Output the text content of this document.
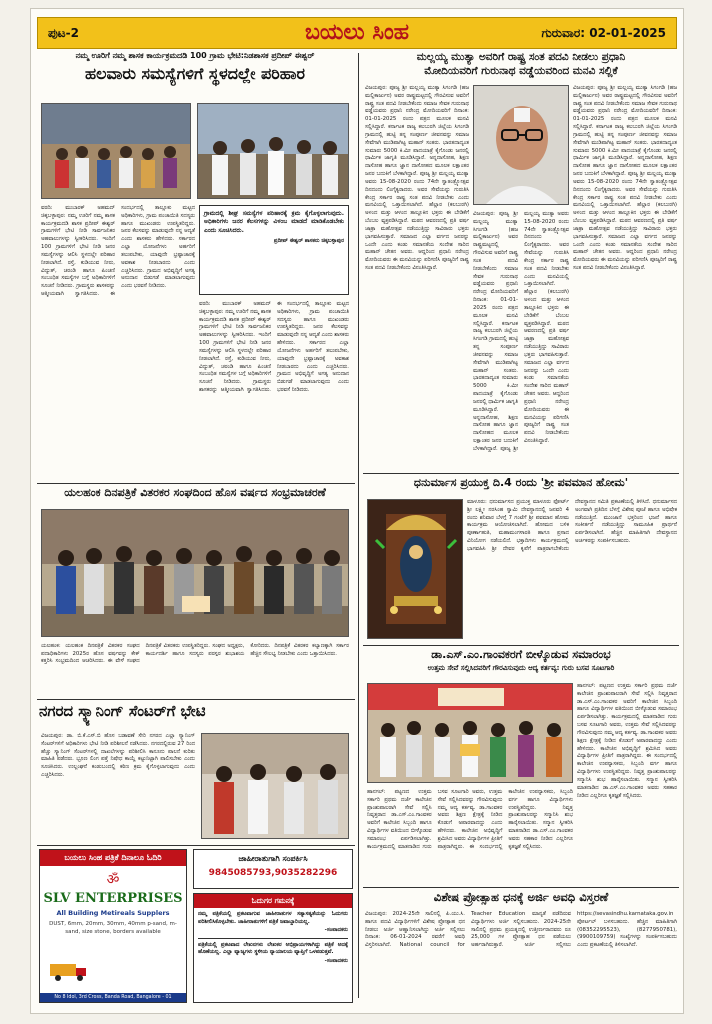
ಪುಟ-2	ಬಯಲು ಸಿಂಹ	ಗುರುವಾರ: 02-01-2025
ನಮ್ಮ ಊರಿಗೆ ನಮ್ಮ ಶಾಸಕ ಕಾರ್ಯಕ್ರಮದಡಿ 100 ಗ್ರಾಮ ಭೇಟಿ:ನಿಡಶಾಸಕ ಪ್ರದೀಪ್ ಈಶ್ವರ್
ಹಲವಾರು ಸಮಸ್ಯೆಗಳಿಗೆ ಸ್ಥಳದಲ್ಲೇ ಪರಿಹಾರ
ವರದಿ: ಮುಬಾರಕ್ ಅಹಮದ್ ಚಿಕ್ಕಬಳ್ಳಾಪುರ: ನಮ್ಮ ಊರಿಗೆ ನಮ್ಮ ಶಾಸಕ ಕಾರ್ಯಕ್ರಮದಡಿ ಶಾಸಕ ಪ್ರದೀಪ್ ಈಶ್ವರ್ ಗ್ರಾಮಗಳಿಗೆ ಭೇಟಿ ನೀಡಿ ಸಾರ್ವಜನಿಕರ ಅಹವಾಲುಗಳನ್ನು ಸ್ವೀಕರಿಸಿದರು. ಇಂದಿಗೆ 100 ಗ್ರಾಮಗಳಿಗೆ ಭೇಟಿ ನೀಡಿ ಜನರ ಸಮಸ್ಯೆಗಳನ್ನು ಆಲಿಸಿ ಸ್ಥಳದಲ್ಲೇ ಪರಿಹಾರ ನೀಡಲಾಗಿದೆ. ರಸ್ತೆ, ಕುಡಿಯುವ ನೀರು, ವಿದ್ಯುತ್, ಚರಂಡಿ ಹಾಗೂ ಪಿಂಚಣಿ ಸಂಬಂಧಿತ ಸಮಸ್ಯೆಗಳ ಬಗ್ಗೆ ಅಧಿಕಾರಿಗಳಿಗೆ ಸೂಚನೆ ನೀಡಿದರು. ಗ್ರಾಮಸ್ಥರು ಶಾಸಕರನ್ನು ಆತ್ಮೀಯವಾಗಿ ಸ್ವಾಗತಿಸಿದರು. ಈ ಸಂದರ್ಭದಲ್ಲಿ ತಾಲ್ಲೂಕು ಮಟ್ಟದ ಅಧಿಕಾರಿಗಳು, ಗ್ರಾಮ ಪಂಚಾಯಿತಿ ಸದಸ್ಯರು ಹಾಗೂ ಮುಖಂಡರು ಉಪಸ್ಥಿತರಿದ್ದರು. ಜನರ ಕೆಲಸವನ್ನು ಮಾಡುವುದೇ ನನ್ನ ಆದ್ಯತೆ ಎಂದು ಶಾಸಕರು ಹೇಳಿದರು. ಸರ್ಕಾರದ ಎಲ್ಲಾ ಯೋಜನೆಗಳು ಅರ್ಹರಿಗೆ ತಲುಪಬೇಕು, ಯಾವುದೇ ಭ್ರಷ್ಟಾಚಾರಕ್ಕೆ ಅವಕಾಶ ನೀಡಬಾರದು ಎಂದು ಎಚ್ಚರಿಸಿದರು. ಗ್ರಾಮದ ಅಭಿವೃದ್ಧಿಗೆ ಅಗತ್ಯ ಅನುದಾನ ಬಿಡುಗಡೆ ಮಾಡಲಾಗುವುದು ಎಂದು ಭರವಸೆ ನೀಡಿದರು.
ಗ್ರಾಮದಲ್ಲಿ ಶೀಘ್ರ ಸಮಸ್ಯೆಗಳ ಪರಿಹಾರಕ್ಕೆ ಕ್ರಮ ಕೈಗೊಳ್ಳಲಾಗುವುದು. ಅಧಿಕಾರಿಗಳು ಜನರ ಕೆಲಸಗಳನ್ನು ವಿಳಂಬ ಮಾಡದೆ ಮಾಡಿಕೊಡಬೇಕು ಎಂದು ಸೂಚಿಸಿದರು.
ಪ್ರದೀಪ್ ಈಶ್ವರ್ ಶಾಸಕರು ಚಿಕ್ಕಬಳ್ಳಾಪುರ
ವರದಿ: ಮುಬಾರಕ್ ಅಹಮದ್ ಚಿಕ್ಕಬಳ್ಳಾಪುರ: ನಮ್ಮ ಊರಿಗೆ ನಮ್ಮ ಶಾಸಕ ಕಾರ್ಯಕ್ರಮದಡಿ ಶಾಸಕ ಪ್ರದೀಪ್ ಈಶ್ವರ್ ಗ್ರಾಮಗಳಿಗೆ ಭೇಟಿ ನೀಡಿ ಸಾರ್ವಜನಿಕರ ಅಹವಾಲುಗಳನ್ನು ಸ್ವೀಕರಿಸಿದರು. ಇಂದಿಗೆ 100 ಗ್ರಾಮಗಳಿಗೆ ಭೇಟಿ ನೀಡಿ ಜನರ ಸಮಸ್ಯೆಗಳನ್ನು ಆಲಿಸಿ ಸ್ಥಳದಲ್ಲೇ ಪರಿಹಾರ ನೀಡಲಾಗಿದೆ. ರಸ್ತೆ, ಕುಡಿಯುವ ನೀರು, ವಿದ್ಯುತ್, ಚರಂಡಿ ಹಾಗೂ ಪಿಂಚಣಿ ಸಂಬಂಧಿತ ಸಮಸ್ಯೆಗಳ ಬಗ್ಗೆ ಅಧಿಕಾರಿಗಳಿಗೆ ಸೂಚನೆ ನೀಡಿದರು. ಗ್ರಾಮಸ್ಥರು ಶಾಸಕರನ್ನು ಆತ್ಮೀಯವಾಗಿ ಸ್ವಾಗತಿಸಿದರು. ಈ ಸಂದರ್ಭದಲ್ಲಿ ತಾಲ್ಲೂಕು ಮಟ್ಟದ ಅಧಿಕಾರಿಗಳು, ಗ್ರಾಮ ಪಂಚಾಯಿತಿ ಸದಸ್ಯರು ಹಾಗೂ ಮುಖಂಡರು ಉಪಸ್ಥಿತರಿದ್ದರು. ಜನರ ಕೆಲಸವನ್ನು ಮಾಡುವುದೇ ನನ್ನ ಆದ್ಯತೆ ಎಂದು ಶಾಸಕರು ಹೇಳಿದರು. ಸರ್ಕಾರದ ಎಲ್ಲಾ ಯೋಜನೆಗಳು ಅರ್ಹರಿಗೆ ತಲುಪಬೇಕು, ಯಾವುದೇ ಭ್ರಷ್ಟಾಚಾರಕ್ಕೆ ಅವಕಾಶ ನೀಡಬಾರದು ಎಂದು ಎಚ್ಚರಿಸಿದರು. ಗ್ರಾಮದ ಅಭಿವೃದ್ಧಿಗೆ ಅಗತ್ಯ ಅನುದಾನ ಬಿಡುಗಡೆ ಮಾಡಲಾಗುವುದು ಎಂದು ಭರವಸೆ ನೀಡಿದರು.
ಮಲ್ಲಯ್ಯ ಮುತ್ಯಾ ಅವರಿಗೆ ರಾಷ್ಟ್ರ ಸಂತ ಪದವಿ ನೀಡಲು ಪ್ರಧಾನಿ
ಮೋದಿಯವರಿಗೆ ಗುರುನಾಥ ವಡ್ಡೆಯವರಿಂದ ಮನವಿ ಸಲ್ಲಿಕೆ
ವಿಜಯಪುರ: ಪೂಜ್ಯ ಶ್ರೀ ಮಲ್ಲಯ್ಯ ಮುತ್ಯಾ ಸಿಗಂಗಡಿ (ಹಜ ಮಲ್ಲಿಕಾರ್ಜುನ) ಅವರ ರಾಷ್ಟ್ರಮಟ್ಟದಲ್ಲಿ ಗೌರವಿಸುವ ಅವರಿಗೆ ರಾಷ್ಟ್ರ ಸಂತ ಪದವಿ ನೀಡಬೇಕೆಂದು ಸಮಾಜ ಸೇವಕ ಗುರುನಾಥ ವಡ್ಡೆಯವರು ಪ್ರಧಾನಿ ನರೇಂದ್ರ ಮೋದಿಯವರಿಗೆ ದಿನಾಂಕ: 01-01-2025 ರಂದು ಪತ್ರದ ಮೂಲಕ ಮನವಿ ಸಲ್ಲಿಸಿದ್ದಾರೆ. ಕರ್ನಾಟಕ ರಾಜ್ಯ ಕಲಬುರಗಿ ಜಿಲ್ಲೆಯ ಸಿಗಂಗಡಿ ಗ್ರಾಮದಲ್ಲಿ ಹುಟ್ಟಿ ತನ್ನ ಸಂಪೂರ್ಣ ಜೀವನವನ್ನು ಸಮಾಜ ಸೇವೆಗಾಗಿ ಮುಡಿಪಾಗಿಟ್ಟ ಮಹಾನ್ ಸಂತರು. ಭಾರತದಾದ್ಯಂತ ಸುಮಾರು 5000 ಕಿ.ಮೀ ಪಾದಯಾತ್ರೆ ಕೈಗೊಂಡು ಜನರಲ್ಲಿ ಧಾರ್ಮಿಕ ಜಾಗೃತಿ ಮೂಡಿಸಿದ್ದಾರೆ. ಅನ್ನದಾಸೋಹ, ಶಿಕ್ಷಣ ದಾಸೋಹ ಹಾಗೂ ಜ್ಞಾನ ದಾಸೋಹದ ಮೂಲಕ ಲಕ್ಷಾಂತರ ಜನರ ಬದುಕಿಗೆ ಬೆಳಕಾಗಿದ್ದಾರೆ. ಪೂಜ್ಯ ಶ್ರೀ ಮಲ್ಲಯ್ಯ ಮುತ್ಯಾ ಅವರು 15-08-2020 ರಂದು 74ನೇ ಸ್ವಾತಂತ್ರ್ಯೋತ್ಸವ ದಿನದಂದು ಲಿಂಗೈಕ್ಯರಾದರು. ಅವರ ಸೇವೆಯನ್ನು ಗುರುತಿಸಿ ಕೇಂದ್ರ ಸರ್ಕಾರ ರಾಷ್ಟ್ರ ಸಂತ ಪದವಿ ನೀಡಬೇಕು ಎಂದು ಮನವಿಯಲ್ಲಿ ಒತ್ತಾಯಿಸಲಾಗಿದೆ. ಹೆಲ್ಲಾರ (ಕಲಬುರಗಿ) ಅಳಂದ ಮತ್ತು ಆಳಂದ ತಾಲ್ಲೂಕಿನ ಭಕ್ತರು ಈ ಬೇಡಿಕೆಗೆ ಬೆಂಬಲ ವ್ಯಕ್ತಪಡಿಸಿದ್ದಾರೆ. ಮಠದ ಆವರಣದಲ್ಲಿ ಪ್ರತಿ ವರ್ಷ ಜಾತ್ರಾ ಮಹೋತ್ಸವ ನಡೆಯುತ್ತಿದ್ದು ಸಾವಿರಾರು ಭಕ್ತರು ಭಾಗವಹಿಸುತ್ತಾರೆ. ಸಮಾಜದ ಎಲ್ಲಾ ವರ್ಗದ ಜನರನ್ನು ಒಂದೇ ಎಂದು ಕಂಡು ಸಮಾನತೆಯ ಸಂದೇಶ ಸಾರಿದ ಮಹಾನ್ ಚೇತನ ಅವರು. ಆದ್ದರಿಂದ ಪ್ರಧಾನಿ ನರೇಂದ್ರ ಮೋದಿಯವರು ಈ ಮನವಿಯನ್ನು ಪರಿಗಣಿಸಿ ಪೂಜ್ಯರಿಗೆ ರಾಷ್ಟ್ರ ಸಂತ ಪದವಿ ನೀಡಬೇಕೆಂದು ವಿನಂತಿಸಿದ್ದಾರೆ.
ವಿಜಯಪುರ: ಪೂಜ್ಯ ಶ್ರೀ ಮಲ್ಲಯ್ಯ ಮುತ್ಯಾ ಸಿಗಂಗಡಿ (ಹಜ ಮಲ್ಲಿಕಾರ್ಜುನ) ಅವರ ರಾಷ್ಟ್ರಮಟ್ಟದಲ್ಲಿ ಗೌರವಿಸುವ ಅವರಿಗೆ ರಾಷ್ಟ್ರ ಸಂತ ಪದವಿ ನೀಡಬೇಕೆಂದು ಸಮಾಜ ಸೇವಕ ಗುರುನಾಥ ವಡ್ಡೆಯವರು ಪ್ರಧಾನಿ ನರೇಂದ್ರ ಮೋದಿಯವರಿಗೆ ದಿನಾಂಕ: 01-01-2025 ರಂದು ಪತ್ರದ ಮೂಲಕ ಮನವಿ ಸಲ್ಲಿಸಿದ್ದಾರೆ. ಕರ್ನಾಟಕ ರಾಜ್ಯ ಕಲಬುರಗಿ ಜಿಲ್ಲೆಯ ಸಿಗಂಗಡಿ ಗ್ರಾಮದಲ್ಲಿ ಹುಟ್ಟಿ ತನ್ನ ಸಂಪೂರ್ಣ ಜೀವನವನ್ನು ಸಮಾಜ ಸೇವೆಗಾಗಿ ಮುಡಿಪಾಗಿಟ್ಟ ಮಹಾನ್ ಸಂತರು. ಭಾರತದಾದ್ಯಂತ ಸುಮಾರು 5000 ಕಿ.ಮೀ ಪಾದಯಾತ್ರೆ ಕೈಗೊಂಡು ಜನರಲ್ಲಿ ಧಾರ್ಮಿಕ ಜಾಗೃತಿ ಮೂಡಿಸಿದ್ದಾರೆ. ಅನ್ನದಾಸೋಹ, ಶಿಕ್ಷಣ ದಾಸೋಹ ಹಾಗೂ ಜ್ಞಾನ ದಾಸೋಹದ ಮೂಲಕ ಲಕ್ಷಾಂತರ ಜನರ ಬದುಕಿಗೆ ಬೆಳಕಾಗಿದ್ದಾರೆ. ಪೂಜ್ಯ ಶ್ರೀ ಮಲ್ಲಯ್ಯ ಮುತ್ಯಾ ಅವರು 15-08-2020 ರಂದು 74ನೇ ಸ್ವಾತಂತ್ರ್ಯೋತ್ಸವ ದಿನದಂದು ಲಿಂಗೈಕ್ಯರಾದರು. ಅವರ ಸೇವೆಯನ್ನು ಗುರುತಿಸಿ ಕೇಂದ್ರ ಸರ್ಕಾರ ರಾಷ್ಟ್ರ ಸಂತ ಪದವಿ ನೀಡಬೇಕು ಎಂದು ಮನವಿಯಲ್ಲಿ ಒತ್ತಾಯಿಸಲಾಗಿದೆ. ಹೆಲ್ಲಾರ (ಕಲಬುರಗಿ) ಅಳಂದ ಮತ್ತು ಆಳಂದ ತಾಲ್ಲೂಕಿನ ಭಕ್ತರು ಈ ಬೇಡಿಕೆಗೆ ಬೆಂಬಲ ವ್ಯಕ್ತಪಡಿಸಿದ್ದಾರೆ. ಮಠದ ಆವರಣದಲ್ಲಿ ಪ್ರತಿ ವರ್ಷ ಜಾತ್ರಾ ಮಹೋತ್ಸವ ನಡೆಯುತ್ತಿದ್ದು ಸಾವಿರಾರು ಭಕ್ತರು ಭಾಗವಹಿಸುತ್ತಾರೆ. ಸಮಾಜದ ಎಲ್ಲಾ ವರ್ಗದ ಜನರನ್ನು ಒಂದೇ ಎಂದು ಕಂಡು ಸಮಾನತೆಯ ಸಂದೇಶ ಸಾರಿದ ಮಹಾನ್ ಚೇತನ ಅವರು. ಆದ್ದರಿಂದ ಪ್ರಧಾನಿ ನರೇಂದ್ರ ಮೋದಿಯವರು ಈ ಮನವಿಯನ್ನು ಪರಿಗಣಿಸಿ ಪೂಜ್ಯರಿಗೆ ರಾಷ್ಟ್ರ ಸಂತ ಪದವಿ ನೀಡಬೇಕೆಂದು ವಿನಂತಿಸಿದ್ದಾರೆ.
ವಿಜಯಪುರ: ಪೂಜ್ಯ ಶ್ರೀ ಮಲ್ಲಯ್ಯ ಮುತ್ಯಾ ಸಿಗಂಗಡಿ (ಹಜ ಮಲ್ಲಿಕಾರ್ಜುನ) ಅವರ ರಾಷ್ಟ್ರಮಟ್ಟದಲ್ಲಿ ಗೌರವಿಸುವ ಅವರಿಗೆ ರಾಷ್ಟ್ರ ಸಂತ ಪದವಿ ನೀಡಬೇಕೆಂದು ಸಮಾಜ ಸೇವಕ ಗುರುನಾಥ ವಡ್ಡೆಯವರು ಪ್ರಧಾನಿ ನರೇಂದ್ರ ಮೋದಿಯವರಿಗೆ ದಿನಾಂಕ: 01-01-2025 ರಂದು ಪತ್ರದ ಮೂಲಕ ಮನವಿ ಸಲ್ಲಿಸಿದ್ದಾರೆ. ಕರ್ನಾಟಕ ರಾಜ್ಯ ಕಲಬುರಗಿ ಜಿಲ್ಲೆಯ ಸಿಗಂಗಡಿ ಗ್ರಾಮದಲ್ಲಿ ಹುಟ್ಟಿ ತನ್ನ ಸಂಪೂರ್ಣ ಜೀವನವನ್ನು ಸಮಾಜ ಸೇವೆಗಾಗಿ ಮುಡಿಪಾಗಿಟ್ಟ ಮಹಾನ್ ಸಂತರು. ಭಾರತದಾದ್ಯಂತ ಸುಮಾರು 5000 ಕಿ.ಮೀ ಪಾದಯಾತ್ರೆ ಕೈಗೊಂಡು ಜನರಲ್ಲಿ ಧಾರ್ಮಿಕ ಜಾಗೃತಿ ಮೂಡಿಸಿದ್ದಾರೆ. ಅನ್ನದಾಸೋಹ, ಶಿಕ್ಷಣ ದಾಸೋಹ ಹಾಗೂ ಜ್ಞಾನ ದಾಸೋಹದ ಮೂಲಕ ಲಕ್ಷಾಂತರ ಜನರ ಬದುಕಿಗೆ ಬೆಳಕಾಗಿದ್ದಾರೆ. ಪೂಜ್ಯ ಶ್ರೀ ಮಲ್ಲಯ್ಯ ಮುತ್ಯಾ ಅವರು 15-08-2020 ರಂದು 74ನೇ ಸ್ವಾತಂತ್ರ್ಯೋತ್ಸವ ದಿನದಂದು ಲಿಂಗೈಕ್ಯರಾದರು. ಅವರ ಸೇವೆಯನ್ನು ಗುರುತಿಸಿ ಕೇಂದ್ರ ಸರ್ಕಾರ ರಾಷ್ಟ್ರ ಸಂತ ಪದವಿ ನೀಡಬೇಕು ಎಂದು ಮನವಿಯಲ್ಲಿ ಒತ್ತಾಯಿಸಲಾಗಿದೆ. ಹೆಲ್ಲಾರ (ಕಲಬುರಗಿ) ಅಳಂದ ಮತ್ತು ಆಳಂದ ತಾಲ್ಲೂಕಿನ ಭಕ್ತರು ಈ ಬೇಡಿಕೆಗೆ ಬೆಂಬಲ ವ್ಯಕ್ತಪಡಿಸಿದ್ದಾರೆ. ಮಠದ ಆವರಣದಲ್ಲಿ ಪ್ರತಿ ವರ್ಷ ಜಾತ್ರಾ ಮಹೋತ್ಸವ ನಡೆಯುತ್ತಿದ್ದು ಸಾವಿರಾರು ಭಕ್ತರು ಭಾಗವಹಿಸುತ್ತಾರೆ. ಸಮಾಜದ ಎಲ್ಲಾ ವರ್ಗದ ಜನರನ್ನು ಒಂದೇ ಎಂದು ಕಂಡು ಸಮಾನತೆಯ ಸಂದೇಶ ಸಾರಿದ ಮಹಾನ್ ಚೇತನ ಅವರು. ಆದ್ದರಿಂದ ಪ್ರಧಾನಿ ನರೇಂದ್ರ ಮೋದಿಯವರು ಈ ಮನವಿಯನ್ನು ಪರಿಗಣಿಸಿ ಪೂಜ್ಯರಿಗೆ ರಾಷ್ಟ್ರ ಸಂತ ಪದವಿ ನೀಡಬೇಕೆಂದು ವಿನಂತಿಸಿದ್ದಾರೆ.
ಯಲಹಂಕ ದಿನಪತ್ರಿಕೆ ವಿತರಕರ ಸಂಘದಿಂದ ಹೊಸ ವರ್ಷದ ಸಂಭ್ರಮಾಚರಣೆ
ಯಲಹಂಕ: ಯಲಹಂಕ ದಿನಪತ್ರಿಕೆ ವಿತರಕರ ಸಂಘದ ಪದಾಧಿಕಾರಿಗಳು 2025ರ ಹೊಸ ವರ್ಷವನ್ನು ಕೇಕ್ ಕತ್ತರಿಸಿ ಸಂಭ್ರಮದಿಂದ ಆಚರಿಸಿದರು. ಈ ವೇಳೆ ಸಂಘದ ದಿನಪತ್ರಿಕೆ ವಿತರಕರು ಉಪಸ್ಥಿತರಿದ್ದರು. ಸಂಘದ ಅಧ್ಯಕ್ಷರು, ಕಾರ್ಯದರ್ಶಿ ಹಾಗೂ ಸದಸ್ಯರು ಪರಸ್ಪರ ಶುಭಾಶಯ ಕೋರಿದರು. ದಿನಪತ್ರಿಕೆ ವಿತರಕರ ಕಲ್ಯಾಣಕ್ಕಾಗಿ ಸರ್ಕಾರ ಹೆಚ್ಚಿನ ಸೌಲಭ್ಯ ನೀಡಬೇಕು ಎಂದು ಒತ್ತಾಯಿಸಿದರು.
ಧನುರ್ಮಾಸ ಪ್ರಯುಕ್ತ ದಿ.4 ರಂದು 'ಶ್ರೀ ಪವಮಾನ ಹೋಮ'
ಮಾಳೂರು: ಧನುರ್ಮಾಸದ ಪ್ರಯುಕ್ತ ಮಾಳೂರು ಫೋರ್ಟ್ ಶ್ರೀ ಲಕ್ಷ್ಮೀ ನರಸಿಂಹ ಸ್ವಾಮಿ ದೇವಸ್ಥಾನದಲ್ಲಿ ಜನವರಿ 4 ರಂದು ಶನಿವಾರ ಬೆಳಗ್ಗೆ 7 ಗಂಟೆಗೆ ಶ್ರೀ ಪವಮಾನ ಹೋಮ ಕಾರ್ಯಕ್ರಮ ಆಯೋಜಿಸಲಾಗಿದೆ. ಹೋಮದ ಬಳಿಕ ಪೂರ್ಣಾಹುತಿ, ಮಹಾಮಂಗಳಾರತಿ ಹಾಗೂ ಪ್ರಸಾದ ವಿನಿಯೋಗ ನಡೆಯಲಿದೆ. ಭಕ್ತಾದಿಗಳು ಕಾರ್ಯಕ್ರಮದಲ್ಲಿ ಭಾಗವಹಿಸಿ ಶ್ರೀ ದೇವರ ಕೃಪೆಗೆ ಪಾತ್ರರಾಗಬೇಕೆಂದು ದೇವಸ್ಥಾನದ ಸಮಿತಿ ಪ್ರಕಟಣೆಯಲ್ಲಿ ತಿಳಿಸಿದೆ. ಧನುರ್ಮಾಸದ ಅಂಗವಾಗಿ ಪ್ರತಿದಿನ ಬೆಳಗ್ಗೆ ವಿಶೇಷ ಪೂಜೆ ಹಾಗೂ ಅಭಿಷೇಕ ನಡೆಯುತ್ತಿದೆ. ಮುಂಜಾನೆ ಭಕ್ತರಿಂದ ಭಜನೆ ಹಾಗೂ ಸಂಕೀರ್ತನೆ ನಡೆಯುತ್ತಿದ್ದು ಸಾಮೂಹಿಕ ಪ್ರಾರ್ಥನೆ ಏರ್ಪಡಿಸಲಾಗಿದೆ. ಹೆಚ್ಚಿನ ಮಾಹಿತಿಗಾಗಿ ದೇವಸ್ಥಾನದ ಅರ್ಚಕರನ್ನು ಸಂಪರ್ಕಿಸಬಹುದು.
ಡಾ.ಎಸ್.ಎಂ.ಗಾಂವಕರಗೆ ಬೀಳ್ಕೊಡುವ ಸಮಾರಂಭ
ಉತ್ತಮ ಸೇವೆ ಸಲ್ಲಿಸಿದವರಿಗೆ ಗೌರವಿಸುವುದು ಆದ್ಯ ಕರ್ತವ್ಯ: ಗುರು ಬಸವ ಸೂಟಗಾರಿ
ಹಾನಗಲ್: ಪಟ್ಟಣದ ಉತ್ತಮ ಸರ್ಕಾರಿ ಪ್ರಥಮ ದರ್ಜೆ ಕಾಲೇಜಿನ ಪ್ರಾಂಶುಪಾಲರಾಗಿ ಸೇವೆ ಸಲ್ಲಿಸಿ ನಿವೃತ್ತರಾದ ಡಾ.ಎಸ್.ಎಂ.ಗಾಂವಕರ ಅವರಿಗೆ ಕಾಲೇಜಿನ ಸಿಬ್ಬಂದಿ ಹಾಗೂ ವಿದ್ಯಾರ್ಥಿಗಳ ವತಿಯಿಂದ ಬೀಳ್ಕೊಡುವ ಸಮಾರಂಭ ಏರ್ಪಡಿಸಲಾಗಿತ್ತು. ಕಾರ್ಯಕ್ರಮದಲ್ಲಿ ಮಾತನಾಡಿದ ಗುರು ಬಸವ ಸೂಟಗಾರಿ ಅವರು, ಉತ್ತಮ ಸೇವೆ ಸಲ್ಲಿಸಿದವರನ್ನು ಗೌರವಿಸುವುದು ನಮ್ಮ ಆದ್ಯ ಕರ್ತವ್ಯ. ಡಾ.ಗಾಂವಕರ ಅವರು ಶಿಕ್ಷಣ ಕ್ಷೇತ್ರಕ್ಕೆ ನೀಡಿದ ಕೊಡುಗೆ ಅಪಾರವಾದದ್ದು ಎಂದು ಹೇಳಿದರು. ಕಾಲೇಜಿನ ಅಭಿವೃದ್ಧಿಗೆ ಶ್ರಮಿಸಿದ ಅವರು ವಿದ್ಯಾರ್ಥಿಗಳ ಪ್ರೀತಿಗೆ ಪಾತ್ರರಾಗಿದ್ದರು. ಈ ಸಂದರ್ಭದಲ್ಲಿ ಕಾಲೇಜಿನ ಉಪನ್ಯಾಸಕರು, ಸಿಬ್ಬಂದಿ ವರ್ಗ ಹಾಗೂ ವಿದ್ಯಾರ್ಥಿಗಳು ಉಪಸ್ಥಿತರಿದ್ದರು. ನಿವೃತ್ತ ಪ್ರಾಂಶುಪಾಲರನ್ನು ಸನ್ಮಾನಿಸಿ ಶುಭ ಹಾರೈಸಲಾಯಿತು. ಸನ್ಮಾನ ಸ್ವೀಕರಿಸಿ ಮಾತನಾಡಿದ ಡಾ.ಎಸ್.ಎಂ.ಗಾಂವಕರ ಅವರು ಸಹಕಾರ ನೀಡಿದ ಎಲ್ಲರಿಗೂ ಕೃತಜ್ಞತೆ ಸಲ್ಲಿಸಿದರು.
ಹಾನಗಲ್: ಪಟ್ಟಣದ ಉತ್ತಮ ಸರ್ಕಾರಿ ಪ್ರಥಮ ದರ್ಜೆ ಕಾಲೇಜಿನ ಪ್ರಾಂಶುಪಾಲರಾಗಿ ಸೇವೆ ಸಲ್ಲಿಸಿ ನಿವೃತ್ತರಾದ ಡಾ.ಎಸ್.ಎಂ.ಗಾಂವಕರ ಅವರಿಗೆ ಕಾಲೇಜಿನ ಸಿಬ್ಬಂದಿ ಹಾಗೂ ವಿದ್ಯಾರ್ಥಿಗಳ ವತಿಯಿಂದ ಬೀಳ್ಕೊಡುವ ಸಮಾರಂಭ ಏರ್ಪಡಿಸಲಾಗಿತ್ತು. ಕಾರ್ಯಕ್ರಮದಲ್ಲಿ ಮಾತನಾಡಿದ ಗುರು ಬಸವ ಸೂಟಗಾರಿ ಅವರು, ಉತ್ತಮ ಸೇವೆ ಸಲ್ಲಿಸಿದವರನ್ನು ಗೌರವಿಸುವುದು ನಮ್ಮ ಆದ್ಯ ಕರ್ತವ್ಯ. ಡಾ.ಗಾಂವಕರ ಅವರು ಶಿಕ್ಷಣ ಕ್ಷೇತ್ರಕ್ಕೆ ನೀಡಿದ ಕೊಡುಗೆ ಅಪಾರವಾದದ್ದು ಎಂದು ಹೇಳಿದರು. ಕಾಲೇಜಿನ ಅಭಿವೃದ್ಧಿಗೆ ಶ್ರಮಿಸಿದ ಅವರು ವಿದ್ಯಾರ್ಥಿಗಳ ಪ್ರೀತಿಗೆ ಪಾತ್ರರಾಗಿದ್ದರು. ಈ ಸಂದರ್ಭದಲ್ಲಿ ಕಾಲೇಜಿನ ಉಪನ್ಯಾಸಕರು, ಸಿಬ್ಬಂದಿ ವರ್ಗ ಹಾಗೂ ವಿದ್ಯಾರ್ಥಿಗಳು ಉಪಸ್ಥಿತರಿದ್ದರು. ನಿವೃತ್ತ ಪ್ರಾಂಶುಪಾಲರನ್ನು ಸನ್ಮಾನಿಸಿ ಶುಭ ಹಾರೈಸಲಾಯಿತು. ಸನ್ಮಾನ ಸ್ವೀಕರಿಸಿ ಮಾತನಾಡಿದ ಡಾ.ಎಸ್.ಎಂ.ಗಾಂವಕರ ಅವರು ಸಹಕಾರ ನೀಡಿದ ಎಲ್ಲರಿಗೂ ಕೃತಜ್ಞತೆ ಸಲ್ಲಿಸಿದರು.
ನಗರದ ಸ್ಕ್ಯಾನಿಂಗ್ ಸೆಂಟರ್‌ಗೆ ಭೇಟಿ
ವಿಜಯಪುರ: ಡಾ. ಬಿ.ಕೆ.ಎಸ್.ಬಿ ಹೊಸ ಬಡಾವಣೆ ಸೇರಿ ನಗರದ ಎಲ್ಲಾ ಸ್ಕ್ಯಾನಿಂಗ್ ಸೆಂಟರ್‌ಗಳಿಗೆ ಅಧಿಕಾರಿಗಳು ಭೇಟಿ ನೀಡಿ ಪರಿಶೀಲನೆ ನಡೆಸಿದರು. ನಗರದಲ್ಲಿರುವ 27 ರಿಂದ ಹೆಚ್ಚು ಸ್ಕ್ಯಾನಿಂಗ್ ಸೆಂಟರ್‌ಗಳಲ್ಲಿ ದಾಖಲೆಗಳನ್ನು ಪರಿಶೀಲಿಸಿ ಕಾನೂನು ಪಾಲನೆ ಕುರಿತು ಮಾಹಿತಿ ಪಡೆದರು. ಭ್ರೂಣ ಲಿಂಗ ಪತ್ತೆ ನಿಷೇಧ ಕಾಯ್ದೆ ಕಟ್ಟುನಿಟ್ಟಾಗಿ ಪಾಲಿಸಬೇಕು ಎಂದು ಸೂಚಿಸಿದರು. ಉಲ್ಲಂಘನೆ ಕಂಡುಬಂದಲ್ಲಿ ಕಠಿಣ ಕ್ರಮ ಕೈಗೊಳ್ಳಲಾಗುವುದು ಎಂದು ಎಚ್ಚರಿಸಿದರು.
ಬಯಲು ಸಿಂಹ ಪತ್ರಿಕೆ ದಿನಾಲೂ ಓದಿರಿ
ॐ
SLV ENTERPRISES
All Building Metireals Supplers
DUST, 6mm, 20mm, 30mm, 40mm p-sand, m-sand, size stone, borders available
No 8 Idol, 3rd Cross, Banda Road, Bangalore - 01
ಜಾಹೀರಾತುಗಾಗಿ ಸಂಪರ್ಕಿಸಿ
9845085793,9035282296
ಓದುಗರ ಗಮನಕ್ಕೆ
ನಮ್ಮ ಪತ್ರಿಕೆಯಲ್ಲಿ ಪ್ರಕಟವಾಗುವ ಜಾಹೀರಾತುಗಳ ಸತ್ಯಾಸತ್ಯತೆಯನ್ನು ಓದುಗರು ಪರಿಶೀಲಿಸಿಕೊಳ್ಳಬೇಕು. ಜಾಹೀರಾತುಗಳಿಗೆ ಪತ್ರಿಕೆ ಜವಾಬ್ದಾರಿಯಲ್ಲ.
-ಸಂಪಾದಕರು
ಪತ್ರಿಕೆಯಲ್ಲಿ ಪ್ರಕಟವಾದ ಲೇಖನಗಳು ಲೇಖಕರ ಅಭಿಪ್ರಾಯಗಳಾಗಿದ್ದು ಪತ್ರಿಕೆ ಅದಕ್ಕೆ ಹೊಣೆಯಲ್ಲ. ಎಲ್ಲಾ ವ್ಯಾಜ್ಯಗಳು ಸ್ಥಳೀಯ ನ್ಯಾಯಾಲಯ ವ್ಯಾಪ್ತಿಗೆ ಒಳಪಡುತ್ತವೆ.
-ಸಂಪಾದಕರು
ವಿಶೇಷ ಪ್ರೋತ್ಸಾಹ ಧನಕ್ಕೆ ಅರ್ಜಿ ಅವಧಿ ವಿಸ್ತರಣೆ
ವಿಜಯಪುರ: 2024-25ನೇ ಸಾಲಿನಲ್ಲಿ ಪಿ.ಯು.ಸಿ. ಹಾಗೂ ಪದವಿ ವಿದ್ಯಾರ್ಥಿಗಳಿಗೆ ವಿಶೇಷ ಪ್ರೋತ್ಸಾಹ ಧನ ನೀಡಲು ಅರ್ಜಿ ಆಹ್ವಾನಿಸಲಾಗಿದ್ದು ಅರ್ಜಿ ಸಲ್ಲಿಸಲು ದಿನಾಂಕ: 06-01-2024 ರವರೆಗೆ ಅವಧಿ ವಿಸ್ತರಿಸಲಾಗಿದೆ. National council for Teacher Education ಮಾನ್ಯತೆ ಪಡೆದಿರುವ ವಿದ್ಯಾರ್ಥಿಗಳು ಅರ್ಜಿ ಸಲ್ಲಿಸಬಹುದು. 2024-25ನೇ ಸಾಲಿನಲ್ಲಿ ಪ್ರಥಮ ಪ್ರಯತ್ನದಲ್ಲಿ ಉತ್ತೀರ್ಣರಾದವರು ರೂ 25,000 ಗಳ ಪ್ರೋತ್ಸಾಹ ಧನ ಪಡೆಯಲು ಅರ್ಹರಾಗಿರುತ್ತಾರೆ. ಅರ್ಜಿ ಸಲ್ಲಿಸಲು https://sevasindhu.karnataka.gov.in ಪೋರ್ಟಲ್ ಬಳಸಬಹುದು. ಹೆಚ್ಚಿನ ಮಾಹಿತಿಗಾಗಿ (08352295523), (8277950781), (9900109759) ಸಂಖ್ಯೆಗಳನ್ನು ಸಂಪರ್ಕಿಸಬಹುದು ಎಂದು ಪ್ರಕಟಣೆಯಲ್ಲಿ ತಿಳಿಸಲಾಗಿದೆ.
